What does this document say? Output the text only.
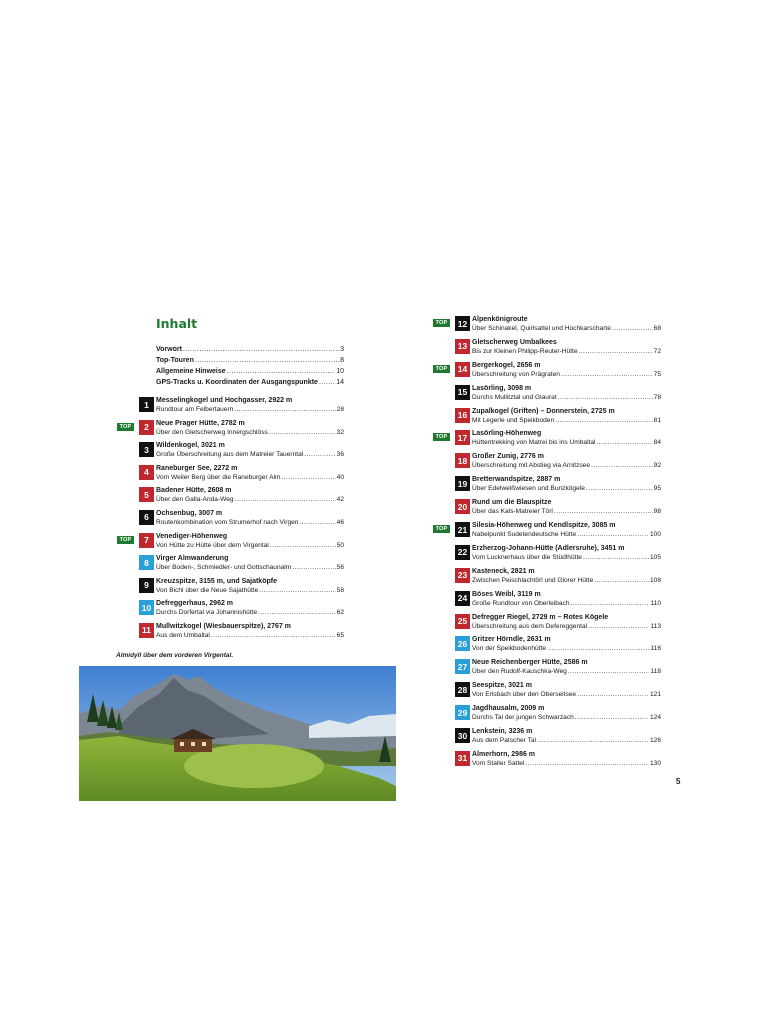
Inhalt
Vorwort .....	3
Top-Touren .....	8
Allgemeine Hinweise .....	10
GPS-Tracks u. Koordinaten der Ausgangspunkte .....	14
1	Messelingkogel und Hochgasser, 2922 m
Rundtour am Felbertauern .....	28
TOP	2	Neue Prager Hütte, 2782 m
Über den Gletscherweg Innergschlöss .....	32
3	Wildenkogel, 3021 m
Große Überschreitung aus dem Matreier Tauerntal .....	36
4	Raneburger See, 2272 m
Vom Weiler Berg über die Raneburger Alm .....	40
5	Badener Hütte, 2608 m
Über den Galla-Anda-Weg .....	42
6	Ochsenbug, 3007 m
Routenkombination vom Strumerhof nach Virgen .....	46
TOP	7	Venediger-Höhenweg
Von Hütte zu Hütte über dem Virgental .....	50
8	Virger Almwanderung
Über Boden-, Schmiedler- und Gottschaunalm .....	56
9	Kreuzspitze, 3155 m, und Sajatköpfe
Von Bichl über die Neue Sajathütte .....	58
10 Defreggerhaus, 2962 m
Durchs Dorfertal via Johannishütte .....	62
11 Mullwitzkogel (Wiesbauerspitze), 2767 m
Aus dem Umbaltal .....	65
TOP	12 Alpenkönigroute
Über Schinakel, Quirlsattel und Hochkarscharte .....	68
13 Gletscherweg Umbalkees
Bis zur Kleinen Philipp-Reuter-Hütte .....	72
TOP	14 Bergerkogel, 2656 m
Überschreitung von Prägraten .....	75
15 Lasörling, 3098 m
Durchs Mullitztal und Glaurət .....	78
16 Zupalkogel (Griften) – Donnerstein, 2725 m
Mit Legerle und Speikboden .....	81
TOP	17 Lasörling-Höhenweg
Hüttentrekking von Matrei bis ins Umbaltal .....	84
18 Großer Zunig, 2776 m
Überschreitung mit Abstieg via Arnitzsee .....	92
19 Bretterwandspitze, 2887 m
Über Edelweißwiesen und Bunzkögele .....	95
20 Rund um die Blauspitze
Über das Kals-Matreier Törl .....	98
TOP	21 Silesia-Höhenweg und Kendlspitze, 3085 m
Nabelpunkt Sudetendeutsche Hütte .....	100
22 Erzherzog-Johann-Hütte (Adlersruhe), 3451 m
Vom Lucknerhaus über die Stüdlhütte .....	105
23 Kasteneck, 2821 m
Zwischen Peischlachtörl und Glorer Hütte .....	108
24 Böses Weibl, 3119 m
Große Rundtour von Oberleibach .....	110
25 Defregger Riegel, 2729 m – Rotes Kögele
Überschreitung aus dem Defereggental .....	113
26 Gritzer Hörndle, 2631 m
Von der Speikbodenhütte .....	116
27 Neue Reichenberger Hütte, 2586 m
Über den Rudolf-Kauschka-Weg .....	118
28 Seespitze, 3021 m
Von Erlsbach über den Oberseitsee .....	121
29 Jagdhausalm, 2009 m
Durchs Tal der jungen Schwarzach .....	124
30 Lenkstein, 3236 m
Aus dem Patscher Tal .....	126
31 Almerhorn, 2986 m
Vom Staller Sattel .....	130
Almidyll über dem vorderen Virgental.
5
